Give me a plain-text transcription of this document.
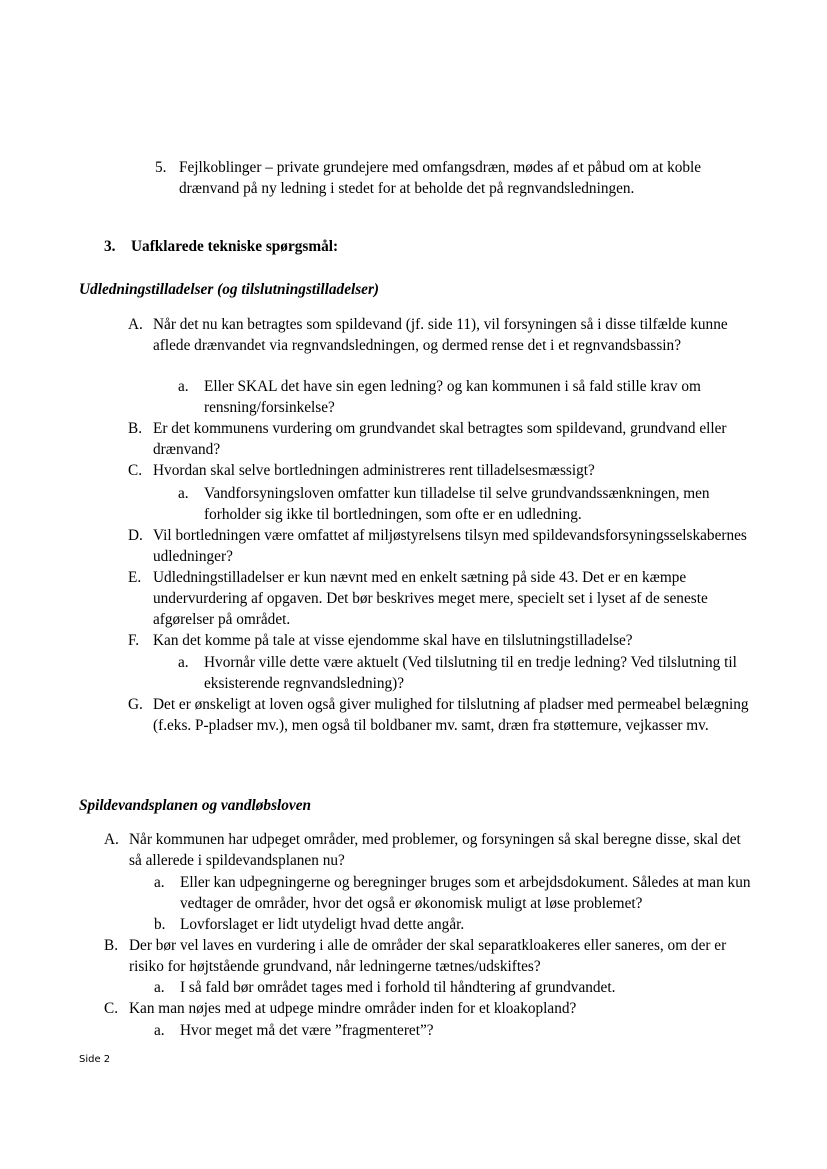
5. Fejlkoblinger – private grundejere med omfangsdræn, mødes af et påbud om at koble drænvand på ny ledning i stedet for at beholde det på regnvandsledningen.
3.	Uafklarede tekniske spørgsmål:
Udledningstilladelser (og tilslutningstilladelser)
A. Når det nu kan betragtes som spildevand (jf. side 11), vil forsyningen så i disse tilfælde kunne aflede drænvandet via regnvandsledningen, og dermed rense det i et regnvandsbassin?
a.	Eller SKAL det have sin egen ledning? og kan kommunen i så fald stille krav om rensning/forsinkelse?
B. Er det kommunens vurdering om grundvandet skal betragtes som spildevand, grundvand eller drænvand?
C. Hvordan skal selve bortledningen administreres rent tilladelsesmæssigt?
a.	Vandforsyningsloven omfatter kun tilladelse til selve grundvandssænkningen, men forholder sig ikke til bortledningen, som ofte er en udledning.
D. Vil bortledningen være omfattet af miljøstyrelsens tilsyn med spildevandsforsyningsselskabernes udledninger?
E. Udledningstilladelser er kun nævnt med en enkelt sætning på side 43. Det er en kæmpe undervurdering af opgaven. Det bør beskrives meget mere, specielt set i lyset af de seneste afgørelser på området.
F. Kan det komme på tale at visse ejendomme skal have en tilslutningstilladelse?
a.	Hvornår ville dette være aktuelt (Ved tilslutning til en tredje ledning? Ved tilslutning til eksisterende regnvandsledning)?
G. Det er ønskeligt at loven også giver mulighed for tilslutning af pladser med permeabel belægning (f.eks. P-pladser mv.), men også til boldbaner mv. samt, dræn fra støttemure, vejkasser mv.
Spildevandsplanen og vandløbsloven
A. Når kommunen har udpeget områder, med problemer, og forsyningen så skal beregne disse, skal det så allerede i spildevandsplanen nu?
a.	Eller kan udpegningerne og beregninger bruges som et arbejdsdokument. Således at man kun vedtager de områder, hvor det også er økonomisk muligt at løse problemet?
b. Lovforslaget er lidt utydeligt hvad dette angår.
B. Der bør vel laves en vurdering i alle de områder der skal separatkloakeres eller saneres, om der er risiko for højtstående grundvand, når ledningerne tætnes/udskiftes?
a.	I så fald bør området tages med i forhold til håndtering af grundvandet.
C. Kan man nøjes med at udpege mindre områder inden for et kloakopland?
a.	Hvor meget må det være ”fragmenteret”?
Side 2
